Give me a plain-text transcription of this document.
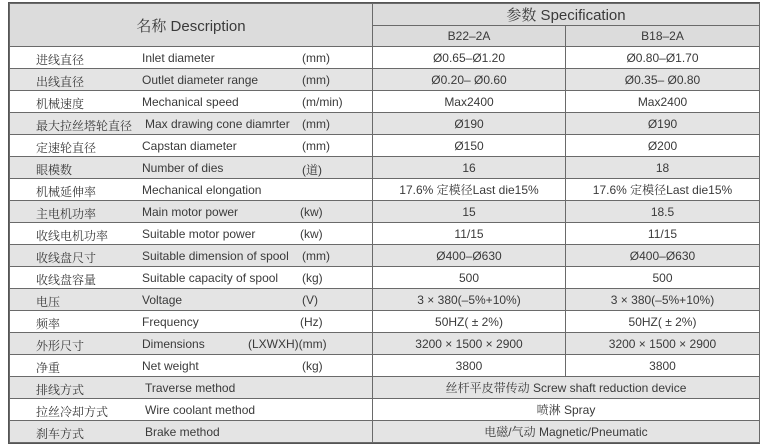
名称 Description	参数 Specification	
	B22–2A	B18–2A

进线直径 Inlet diameter (mm)	Ø0.65–Ø1.20	Ø0.80–Ø1.70

出线直径 Outlet diameter range (mm)	Ø0.20– Ø0.60	Ø0.35– Ø0.80

机械速度 Mechanical speed (m/min)	Max2400	Max2400

最大拉丝塔轮直径 Max drawing cone diamrter (mm)	Ø190	Ø190

定速轮直径 Capstan diameter (mm)	Ø150	Ø200

眼模数 Number of dies (道)	16	18

机械延伸率 Mechanical elongation	17.6% 定模径Last die15%	17.6% 定模径Last die15%

主电机功率 Main motor power (kw)	15	18.5

收线电机功率 Suitable motor power (kw)	11/15	11/15

收线盘尺寸 Suitable dimension of spool (mm)	Ø400–Ø630	Ø400–Ø630

收线盘容量 Suitable capacity of spool (kg)	500	500

电压 Voltage (V)	3 × 380(–5%+10%)	3 × 380(–5%+10%)

频率 Frequency (Hz)	50HZ( ± 2%)	50HZ( ± 2%)

外形尺寸 Dimensions (LXWXH)(mm)	3200 × 1500 × 2900	3200 × 1500 × 2900

净重 Net weight (kg)	3800	3800

排线方式 Traverse method	丝杆平皮带传动 Screw shaft reduction device	

拉丝冷却方式 Wire coolant method	喷淋 Spray	

刹车方式 Brake method	电磁/气动 Magnetic/Pneumatic	
